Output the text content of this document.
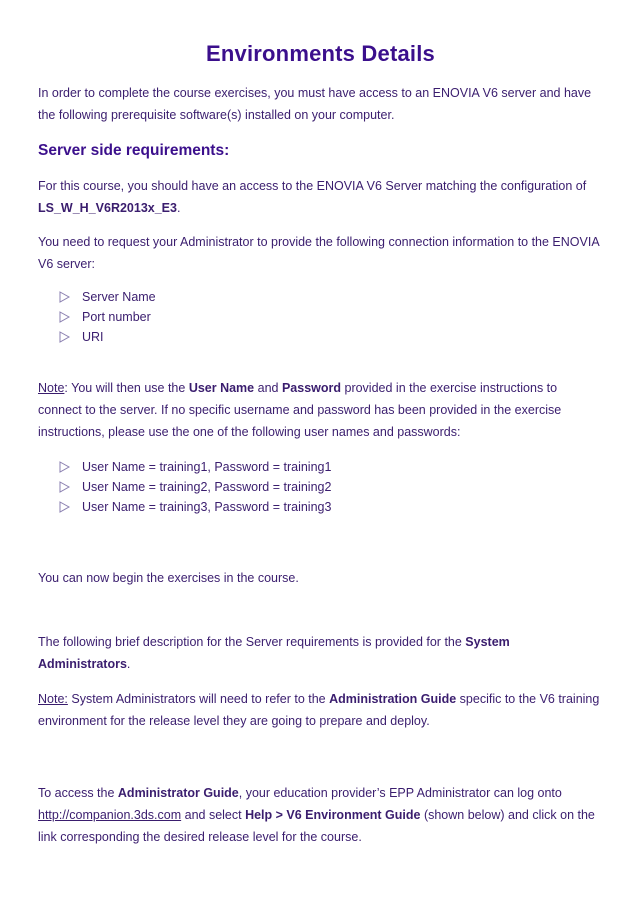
Environments Details

In order to complete the course exercises, you must have access to an ENOVIA V6 server and have the following prerequisite software(s) installed on your computer.

Server side requirements:

For this course, you should have an access to the ENOVIA V6 Server matching the configuration of LS_W_H_V6R2013x_E3.

You need to request your Administrator to provide the following connection information to the ENOVIA V6 server:

Server Name
Port number
URI

Note: You will then use the User Name and Password provided in the exercise instructions to connect to the server. If no specific username and password has been provided in the exercise instructions, please use the one of the following user names and passwords:

User Name = training1, Password = training1
User Name = training2, Password = training2
User Name = training3, Password = training3

You can now begin the exercises in the course.

The following brief description for the Server requirements is provided for the System Administrators.

Note: System Administrators will need to refer to the Administration Guide specific to the V6 training environment for the release level they are going to prepare and deploy.

To access the Administrator Guide, your education provider’s EPP Administrator can log onto http://companion.3ds.com and select Help > V6 Environment Guide (shown below) and click on the link corresponding the desired release level for the course.
